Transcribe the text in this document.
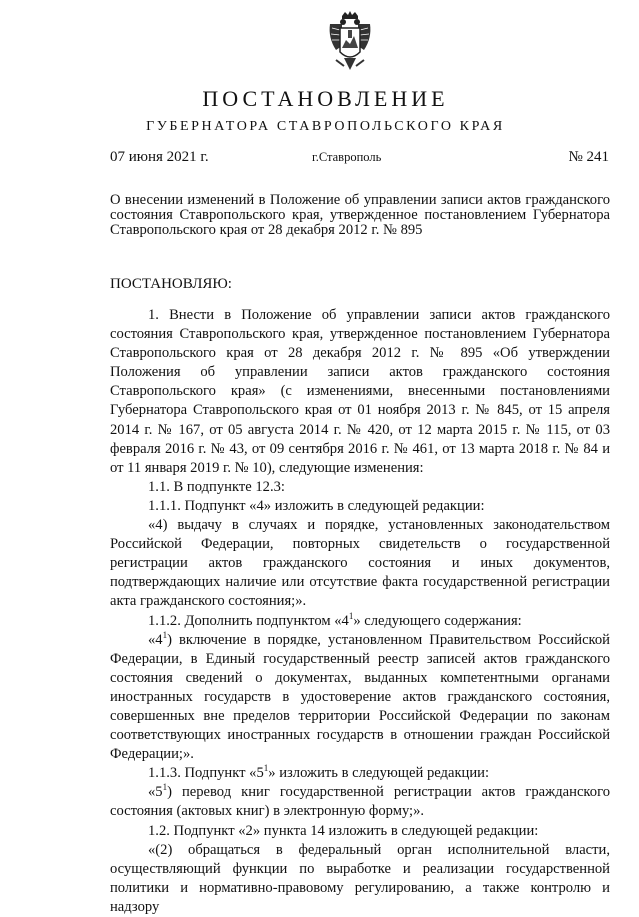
ПОСТАНОВЛЕНИЕ
ГУБЕРНАТОРА СТАВРОПОЛЬСКОГО КРАЯ
07 июня 2021 г.	г.Ставрополь	№ 241
О внесении изменений в Положение об управлении записи актов гражданского состояния Ставропольского края, утвержденное постановлением Губернатора Ставропольского края от 28 декабря 2012 г. № 895
ПОСТАНОВЛЯЮ:

1. Внести в Положение об управлении записи актов гражданского состояния Ставропольского края, утвержденное постановлением Губернатора Ставропольского края от 28 декабря 2012 г. № 895 «Об утверждении Положения об управлении записи актов гражданского состояния Ставропольского края» (с изменениями, внесенными постановлениями Губернатора Ставропольского края от 01 ноября 2013 г. № 845, от 15 апреля 2014 г. № 167, от 05 августа 2014 г. № 420, от 12 марта 2015 г. № 115, от 03 февраля 2016 г. № 43, от 09 сентября 2016 г. № 461, от 13 марта 2018 г. № 84 и от 11 января 2019 г. № 10), следующие изменения:

1.1. В подпункте 12.3:

1.1.1. Подпункт «4» изложить в следующей редакции:

«4) выдачу в случаях и порядке, установленных законодательством Российской Федерации, повторных свидетельств о государственной регистрации актов гражданского состояния и иных документов, подтверждающих наличие или отсутствие факта государственной регистрации акта гражданского состояния;».

1.1.2. Дополнить подпунктом «$4^1$» следующего содержания:

«$4^1$) включение в порядке, установленном Правительством Российской Федерации, в Единый государственный реестр записей актов гражданского состояния сведений о документах, выданных компетентными органами иностранных государств в удостоверение актов гражданского состояния, совершенных вне пределов территории Российской Федерации по законам соответствующих иностранных государств в отношении граждан Российской Федерации;».

1.1.3. Подпункт «$5^1$» изложить в следующей редакции:

«$5^1$) перевод книг государственной регистрации актов гражданского состояния (актовых книг) в электронную форму;».

1.2. Подпункт «2» пункта 14 изложить в следующей редакции:

«(2) обращаться в федеральный орган исполнительной власти, осуществляющий функции по выработке и реализации государственной политики и нормативно-правовому регулированию, а также контролю и надзору
